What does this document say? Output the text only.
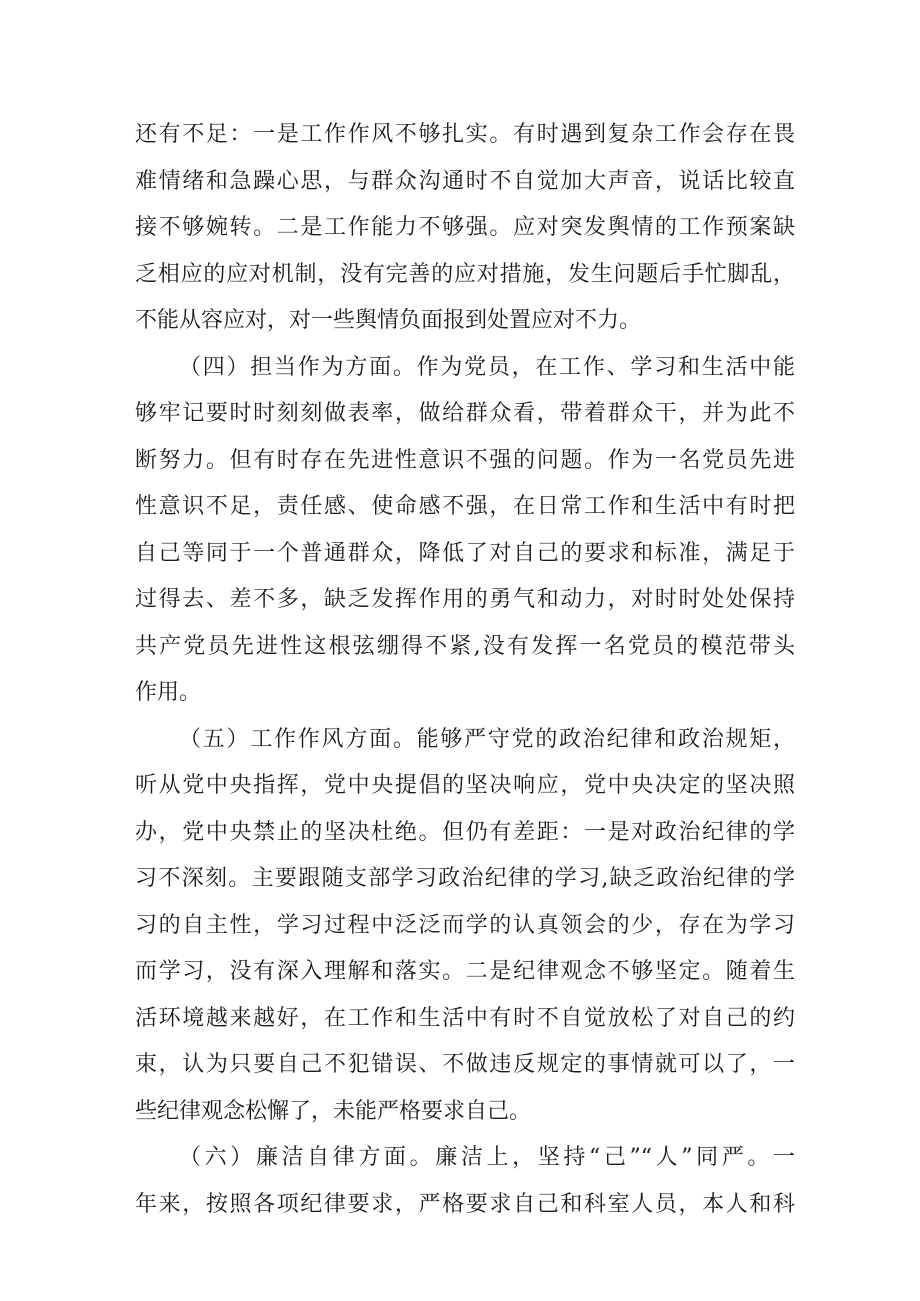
还有不足：一是工作作风不够扎实。有时遇到复杂工作会存在畏
难情绪和急躁心思，与群众沟通时不自觉加大声音，说话比较直
接不够婉转。二是工作能力不够强。应对突发舆情的工作预案缺
乏相应的应对机制，没有完善的应对措施，发生问题后手忙脚乱，
不能从容应对，对一些舆情负面报到处置应对不力。
（四）担当作为方面。作为党员，在工作、学习和生活中能
够牢记要时时刻刻做表率，做给群众看，带着群众干，并为此不
断努力。但有时存在先进性意识不强的问题。作为一名党员先进
性意识不足，责任感、使命感不强，在日常工作和生活中有时把
自己等同于一个普通群众，降低了对自己的要求和标准，满足于
过得去、差不多，缺乏发挥作用的勇气和动力，对时时处处保持
共产党员先进性这根弦绷得不紧,没有发挥一名党员的模范带头
作用。
（五）工作作风方面。能够严守党的政治纪律和政治规矩，
听从党中央指挥，党中央提倡的坚决响应，党中央决定的坚决照
办，党中央禁止的坚决杜绝。但仍有差距：一是对政治纪律的学
习不深刻。主要跟随支部学习政治纪律的学习,缺乏政治纪律的学
习的自主性，学习过程中泛泛而学的认真领会的少，存在为学习
而学习，没有深入理解和落实。二是纪律观念不够坚定。随着生
活环境越来越好，在工作和生活中有时不自觉放松了对自己的约
束，认为只要自己不犯错误、不做违反规定的事情就可以了，一
些纪律观念松懈了，未能严格要求自己。
（六）廉洁自律方面。廉洁上，坚持“己”“人”同严。一
年来，按照各项纪律要求，严格要求自己和科室人员，本人和科
